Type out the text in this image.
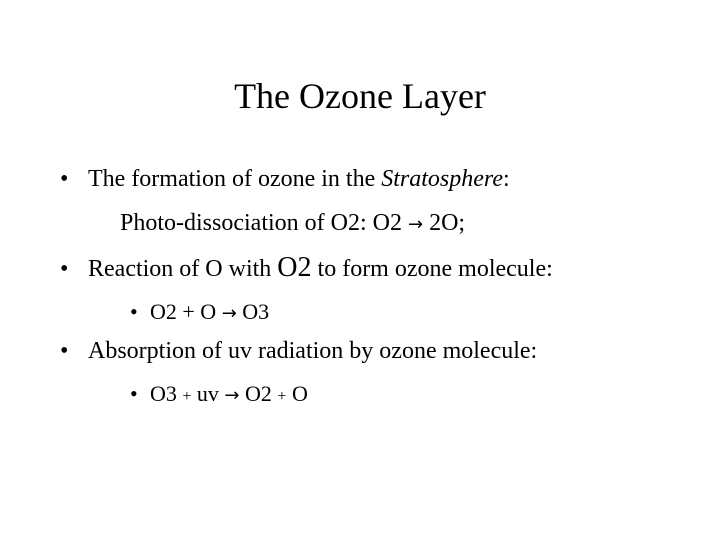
The Ozone Layer
• The formation of ozone in the Stratosphere:
Photo-dissociation of O2: O2 → 2O;
• Reaction of O with O2 to form ozone molecule:
• O2 + O → O3
• Absorption of uv radiation by ozone molecule:
• O3 + uv → O2 + O
